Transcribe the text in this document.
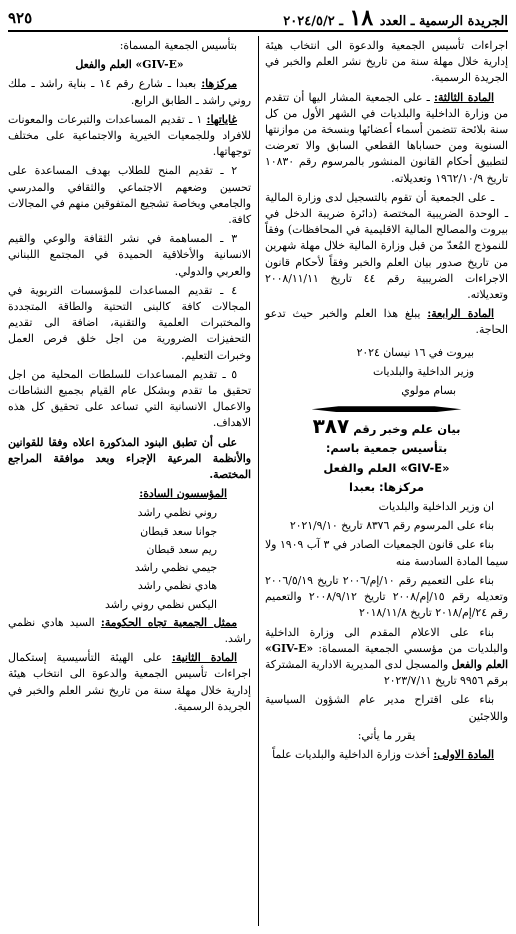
الجريدة الرسمية ـ العدد ١٨ ـ ٢٠٢٤/٥/٢
٩٢٥

اجراءات تأسيس الجمعية والدعوة الى انتخاب هيئة إدارية خلال مهلة سنة من تاريخ نشر العلم والخبر في الجريدة الرسمية.

المادة الثالثة: ـ على الجمعية المشار اليها أن تتقدم من وزارة الداخلية والبلديات في الشهر الأول من كل سنة بلائحة تتضمن أسماء أعضائها وبنسخة من موازنتها السنوية ومن حساباها القطعي السابق والا تعرضت لتطبيق أحكام القانون المنشور بالمرسوم رقم ١٠٨٣٠ تاريخ ١٩٦٢/١٠/٩ وتعديلاته.

ـ على الجمعية أن تقوم بالتسجيل لدى وزارة المالية ـ الوحدة الضريبية المختصة (دائرة ضريبة الدخل في بيروت والمصالح المالية الاقليمية في المحافظات) وفقاً للنموذج المُعدّ من قبل وزارة المالية خلال مهلة شهرين من تاريخ صدور بيان العلم والخبر وفقاً لأحكام قانون الاجراءات الضريبية رقم ٤٤ تاريخ ٢٠٠٨/١١/١١ وتعديلاته.

المادة الرابعة: يبلغ هذا العلم والخبر حيث تدعو الحاجة.

بيروت في ١٦ نيسان ٢٠٢٤

وزير الداخلية والبلديات

بسام مولوي

بيان علم وخبر رقم ٣٨٧

بتأسيس جمعية باسم:

«GIV-E» العلم والفعل

مركزها: بعبدا

ان وزير الداخلية والبلديات

بناء على المرسوم رقم ٨٣٧٦ تاريخ ٢٠٢١/٩/١٠

بناء على قانون الجمعيات الصادر في ٣ آب ١٩٠٩ ولا سيما المادة السادسة منه

بناء على التعميم رقم ١٠/إم/٢٠٠٦ تاريخ ٢٠٠٦/٥/١٩ وتعديله رقم ١٥/إم/٢٠٠٨ تاريخ ٢٠٠٨/٩/١٢ والتعميم رقم ٢٤/إم/٢٠١٨ تاريخ ٢٠١٨/١١/٨

بناء على الاعلام المقدم الى وزارة الداخلية والبلديات من مؤسسي الجمعية المسماة: «GIV-E» العلم والفعل والمسجل لدى المديرية الادارية المشتركة برقم ٩٩٥٦ تاريخ ٢٠٢٣/٧/١١

بناء على اقتراح مدير عام الشؤون السياسية واللاجئين

يقرر ما يأتي:

المادة الاولى: أخذت وزارة الداخلية والبلديات علماً

بتأسيس الجمعية المسماة:

«GIV-E» العلم والفعل

مركزها: بعبدا ـ شارع رقم ١٤ ـ بناية راشد ـ ملك روني راشد ـ الطابق الرابع.

غاياتها: ١ ـ تقديم المساعدات والتبرعات والمعونات للافراد وللجمعيات الخيرية والاجتماعية على مختلف توجهاتها.

٢ ـ تقديم المنح للطلاب بهدف المساعدة على تحسين وضعهم الاجتماعي والثقافي والمدرسي والجامعي وبخاصة تشجيع المتفوقين منهم في المجالات كافة.

٣ ـ المساهمة في نشر الثقافة والوعي والقيم الانسانية والأخلاقية الحميدة في المجتمع اللبناني والعربي والدولي.

٤ ـ تقديم المساعدات للمؤسسات التربوية في المجالات كافة كالبنى التحتية والطاقة المتجددة والمختبرات العلمية والتقنية، اضافة الى تقديم التحفيزات الضرورية من اجل خلق فرص العمل وخبرات التعليم.

٥ ـ تقديم المساعدات للسلطات المحلية من اجل تحقيق ما تقدم وبشكل عام القيام بجميع النشاطات والاعمال الانسانية التي تساعد على تحقيق كل هذه الاهداف.

على أن تطبق البنود المذكورة اعلاه وفقا للقوانين والأنظمة المرعية الإجراء وبعد موافقة المراجع المختصة.

المؤسسون السادة:

روني نظمي راشد

جوانا سعد قبطان

ريم سعد قبطان

جيمي نظمي راشد

هادي نظمي راشد

اليكس نظمي روني راشد

ممثل الجمعية تجاه الحكومة: السيد هادي نظمي راشد.

المادة الثانية: على الهيئة التأسيسية إستكمال اجراءات تأسيس الجمعية والدعوة الى انتخاب هيئة إدارية خلال مهلة سنة من تاريخ نشر العلم والخبر في الجريدة الرسمية.
